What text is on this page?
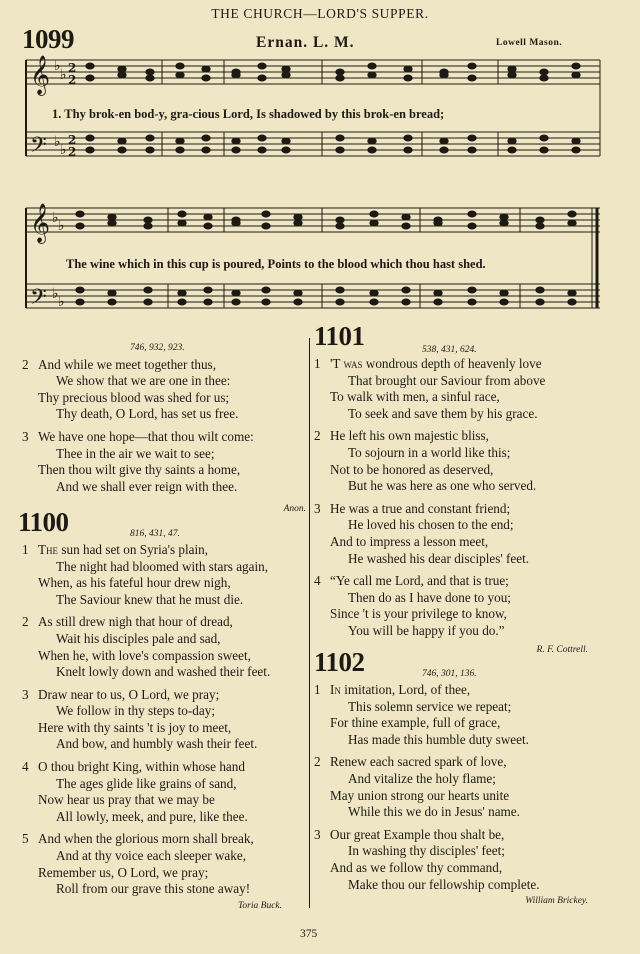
THE CHURCH—LORD'S SUPPER.
1099	Ernan. L. M.	Lowell Mason.
𝄞
𝄢
𝄞
𝄢
♭
♭
♭ ♭
♭ ♭
♭ ♭
2
2
2
2
1. Thy brok-en bod-y, gra-cious Lord, Is shadowed by this brok-en bread;
The wine which in this cup is poured, Points to the blood which thou hast shed.
746, 932, 923.
2 And while we meet together thus,
We show that we are one in thee:
Thy precious blood was shed for us;
Thy death, O Lord, has set us free.
3 We have one hope—that thou wilt come:
Thee in the air we wait to see;
Then thou wilt give thy saints a home,
And we shall ever reign with thee.
Anon.
1100	816, 431, 47.
1 The sun had set on Syria's plain,
The night had bloomed with stars again,
When, as his fateful hour drew nigh,
The Saviour knew that he must die.
2 As still drew nigh that hour of dread,
Wait his disciples pale and sad,
When he, with love's compassion sweet,
Knelt lowly down and washed their feet.
3 Draw near to us, O Lord, we pray;
We follow in thy steps to-day;
Here with thy saints 't is joy to meet,
And bow, and humbly wash their feet.
4 O thou bright King, within whose hand
The ages glide like grains of sand,
Now hear us pray that we may be
All lowly, meek, and pure, like thee.
5 And when the glorious morn shall break,
And at thy voice each sleeper wake,
Remember us, O Lord, we pray;
Roll from our grave this stone away!
Toria Buck.
1101	538, 431, 624.
1 'T was wondrous depth of heavenly love
That brought our Saviour from above
To walk with men, a sinful race,
To seek and save them by his grace.
2 He left his own majestic bliss,
To sojourn in a world like this;
Not to be honored as deserved,
But he was here as one who served.
3 He was a true and constant friend;
He loved his chosen to the end;
And to impress a lesson meet,
He washed his dear disciples' feet.
4 “Ye call me Lord, and that is true;
Then do as I have done to you;
Since 't is your privilege to know,
You will be happy if you do.”
R. F. Cottrell.
1102	746, 301, 136.
1 In imitation, Lord, of thee,
This solemn service we repeat;
For thine example, full of grace,
Has made this humble duty sweet.
2 Renew each sacred spark of love,
And vitalize the holy flame;
May union strong our hearts unite
While this we do in Jesus' name.
3 Our great Example thou shalt be,
In washing thy disciples' feet;
And as we follow thy command,
Make thou our fellowship complete.
William Brickey.
375
